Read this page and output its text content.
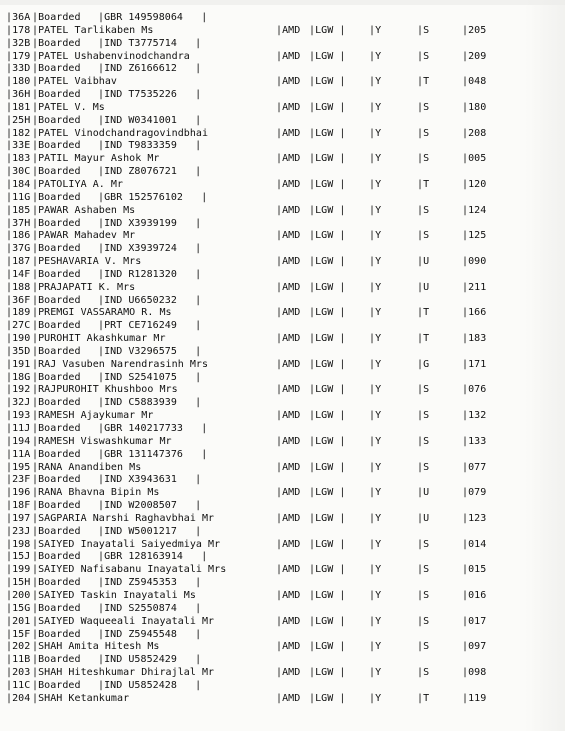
|36A |Boarded |GBR 149598064   |
|178 |PATEL Tarlikaben Ms	|AMD |LGW | |Y	|S	|205
|32B |Boarded |IND T3775714   |
|179 |PATEL Ushabenvinodchandra	|AMD |LGW | |Y	|S	|209
|33D |Boarded |IND Z6166612   |
|180 |PATEL Vaibhav	|AMD |LGW | |Y	|T	|048
|36H |Boarded |IND T7535226   |
|181 |PATEL V. Ms	|AMD |LGW | |Y	|S	|180
|25H |Boarded |IND W0341001   |
|182 |PATEL Vinodchandragovindbhai	|AMD |LGW | |Y	|S	|208
|33E |Boarded |IND T9833359   |
|183 |PATIL Mayur Ashok Mr	|AMD |LGW | |Y	|S	|005
|30C |Boarded |IND Z8076721   |
|184 |PATOLIYA A. Mr	|AMD |LGW | |Y	|T	|120
|11G |Boarded |GBR 152576102   |
|185 |PAWAR Ashaben Ms	|AMD |LGW | |Y	|S	|124
|37H |Boarded |IND X3939199   |
|186 |PAWAR Mahadev Mr	|AMD |LGW | |Y	|S	|125
|37G |Boarded |IND X3939724   |
|187 |PESHAVARIA V. Mrs	|AMD |LGW | |Y	|U	|090
|14F |Boarded |IND R1281320   |
|188 |PRAJAPATI K. Mrs	|AMD |LGW | |Y	|U	|211
|36F |Boarded |IND U6650232   |
|189 |PREMGI VASSARAMO R. Ms	|AMD |LGW | |Y	|T	|166
|27C |Boarded |PRT CE716249   |
|190 |PUROHIT Akashkumar Mr	|AMD |LGW | |Y	|T	|183
|35D |Boarded |IND V3296575   |
|191 |RAJ Vasuben Narendrasinh Mrs	|AMD |LGW | |Y	|G	|171
|18G |Boarded |IND S2541075   |
|192 |RAJPUROHIT Khushboo Mrs	|AMD |LGW | |Y	|S	|076
|32J |Boarded |IND C5883939   |
|193 |RAMESH Ajaykumar Mr	|AMD |LGW | |Y	|S	|132
|11J |Boarded |GBR 140217733   |
|194 |RAMESH Viswashkumar Mr	|AMD |LGW | |Y	|S	|133
|11A |Boarded |GBR 131147376   |
|195 |RANA Anandiben Ms	|AMD |LGW | |Y	|S	|077
|23F |Boarded |IND X3943631   |
|196 |RANA Bhavna Bipin Ms	|AMD |LGW | |Y	|U	|079
|18F |Boarded |IND W2008507   |
|197 |SAGPARIA Narshi Raghavbhai Mr	|AMD |LGW | |Y	|U	|123
|23J |Boarded |IND W5001217   |
|198 |SAIYED Inayatali Saiyedmiya Mr	|AMD |LGW | |Y	|S	|014
|15J |Boarded |GBR 128163914   |
|199 |SAIYED Nafisabanu Inayatali Mrs	|AMD |LGW | |Y	|S	|015
|15H |Boarded |IND Z5945353   |
|200 |SAIYED Taskin Inayatali Ms	|AMD |LGW | |Y	|S	|016
|15G |Boarded |IND S2550874   |
|201 |SAIYED Waqueeali Inayatali Mr	|AMD |LGW | |Y	|S	|017
|15F |Boarded |IND Z5945548   |
|202 |SHAH Amita Hitesh Ms	|AMD |LGW | |Y	|S	|097
|11B |Boarded |IND U5852429   |
|203 |SHAH Hiteshkumar Dhirajlal Mr	|AMD |LGW | |Y	|S	|098
|11C |Boarded |IND U5852428   |
|204 |SHAH Ketankumar	|AMD |LGW | |Y	|T	|119
